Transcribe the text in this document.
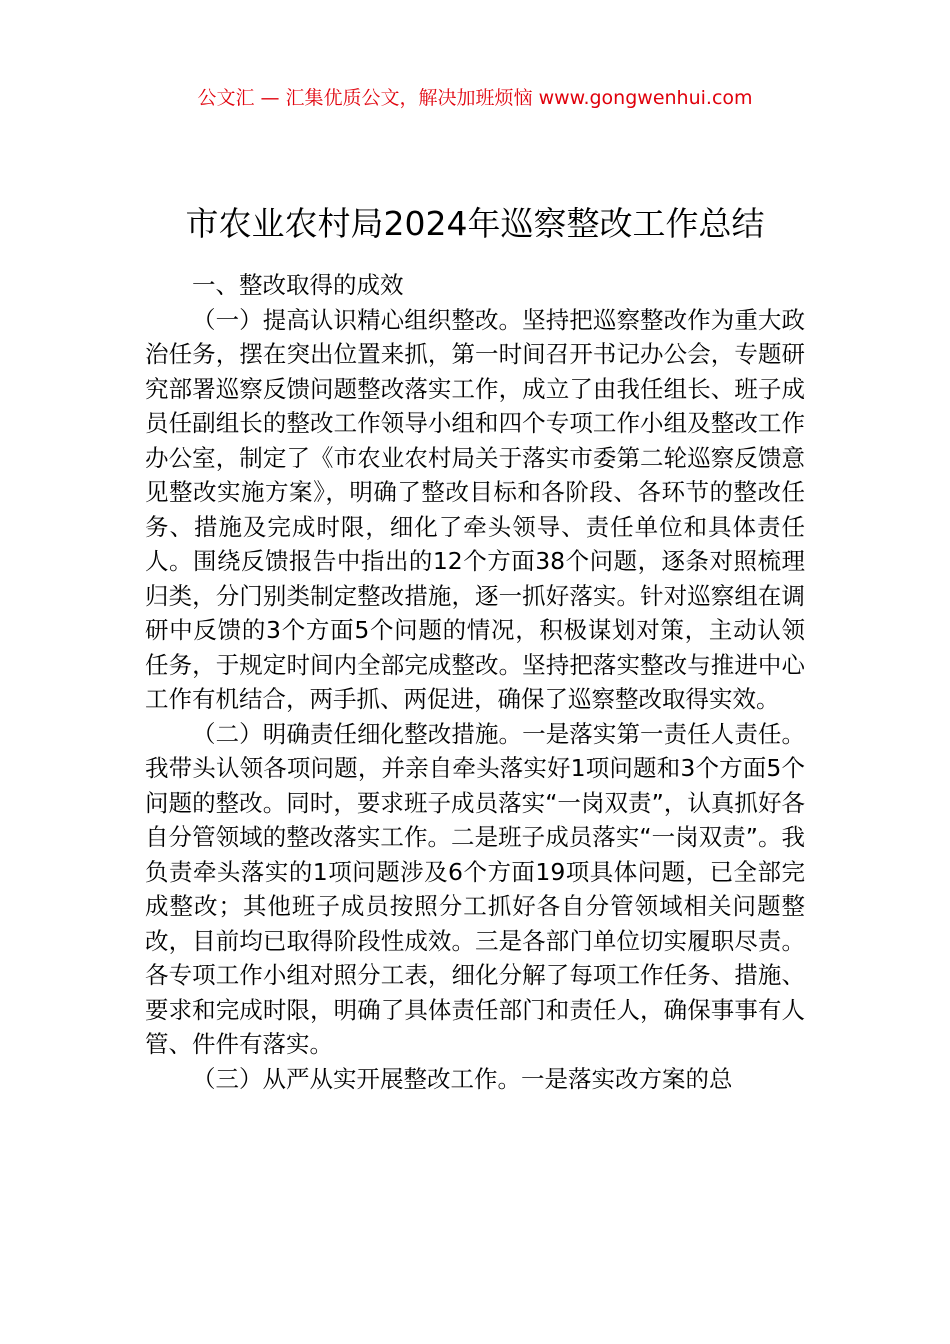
公文汇 — 汇集优质公文，解决加班烦恼 www.gongwenhui.com
市农业农村局2024年巡察整改工作总结

一、整改取得的成效

（一）提高认识精心组织整改。坚持把巡察整改作为重大政治任务，摆在突出位置来抓，第一时间召开书记办公会，专题研究部署巡察反馈问题整改落实工作，成立了由我任组长、班子成员任副组长的整改工作领导小组和四个专项工作小组及整改工作办公室，制定了《市农业农村局关于落实市委第二轮巡察反馈意见整改实施方案》，明确了整改目标和各阶段、各环节的整改任务、措施及完成时限，细化了牵头领导、责任单位和具体责任人。围绕反馈报告中指出的12个方面38个问题，逐条对照梳理归类，分门别类制定整改措施，逐一抓好落实。针对巡察组在调研中反馈的3个方面5个问题的情况，积极谋划对策，主动认领任务，于规定时间内全部完成整改。坚持把落实整改与推进中心工作有机结合，两手抓、两促进，确保了巡察整改取得实效。

（二）明确责任细化整改措施。一是落实第一责任人责任。我带头认领各项问题，并亲自牵头落实好1项问题和3个方面5个问题的整改。同时，要求班子成员落实“一岗双责”，认真抓好各自分管领域的整改落实工作。二是班子成员落实“一岗双责”。我负责牵头落实的1项问题涉及6个方面19项具体问题，已全部完成整改；其他班子成员按照分工抓好各自分管领域相关问题整改，目前均已取得阶段性成效。三是各部门单位切实履职尽责。各专项工作小组对照分工表，细化分解了每项工作任务、措施、要求和完成时限，明确了具体责任部门和责任人，确保事事有人管、件件有落实。

（三）从严从实开展整改工作。一是落实改方案的总
